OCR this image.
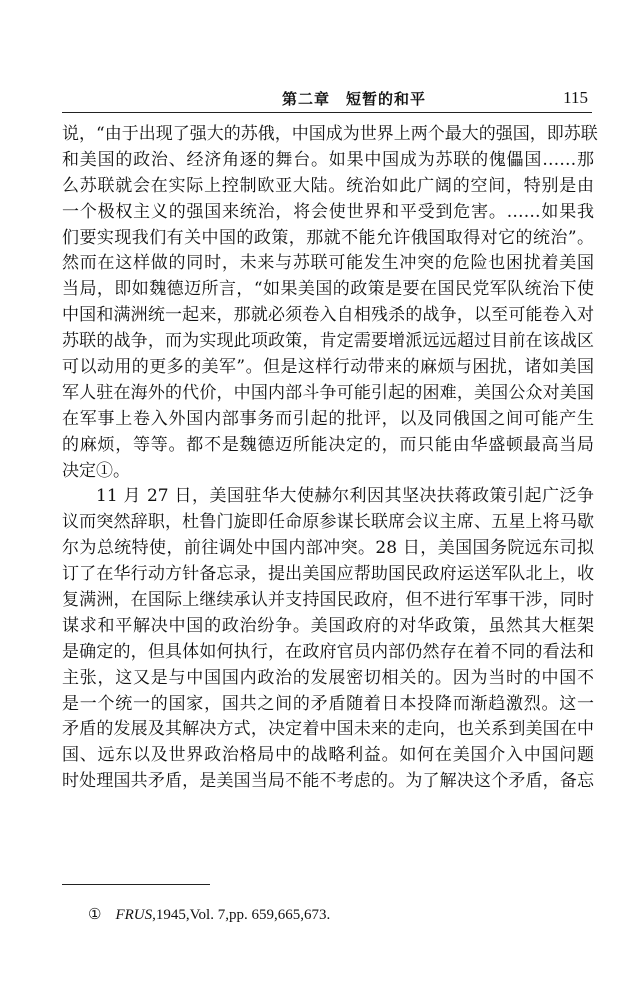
第二章　短暂的和平	115
说，“由于出现了强大的苏俄，中国成为世界上两个最大的强国，即苏联
和美国的政治、经济角逐的舞台。如果中国成为苏联的傀儡国……那
么苏联就会在实际上控制欧亚大陆。统治如此广阔的空间，特别是由
一个极权主义的强国来统治，将会使世界和平受到危害。……如果我
们要实现我们有关中国的政策，那就不能允许俄国取得对它的统治”。
然而在这样做的同时，未来与苏联可能发生冲突的危险也困扰着美国
当局，即如魏德迈所言，“如果美国的政策是要在国民党军队统治下使
中国和满洲统一起来，那就必须卷入自相残杀的战争，以至可能卷入对
苏联的战争，而为实现此项政策，肯定需要增派远远超过目前在该战区
可以动用的更多的美军”。但是这样行动带来的麻烦与困扰，诸如美国
军人驻在海外的代价，中国内部斗争可能引起的困难，美国公众对美国
在军事上卷入外国内部事务而引起的批评，以及同俄国之间可能产生
的麻烦，等等。都不是魏德迈所能决定的，而只能由华盛顿最高当局
决定①。
11 月 27 日，美国驻华大使赫尔利因其坚决扶蒋政策引起广泛争
议而突然辞职，杜鲁门旋即任命原参谋长联席会议主席、五星上将马歇
尔为总统特使，前往调处中国内部冲突。28 日，美国国务院远东司拟
订了在华行动方针备忘录，提出美国应帮助国民政府运送军队北上，收
复满洲，在国际上继续承认并支持国民政府，但不进行军事干涉，同时
谋求和平解决中国的政治纷争。美国政府的对华政策，虽然其大框架
是确定的，但具体如何执行，在政府官员内部仍然存在着不同的看法和
主张，这又是与中国国内政治的发展密切相关的。因为当时的中国不
是一个统一的国家，国共之间的矛盾随着日本投降而渐趋激烈。这一
矛盾的发展及其解决方式，决定着中国未来的走向，也关系到美国在中
国、远东以及世界政治格局中的战略利益。如何在美国介入中国问题
时处理国共矛盾，是美国当局不能不考虑的。为了解决这个矛盾，备忘
① FRUS,1945,Vol. 7,pp. 659,665,673.
